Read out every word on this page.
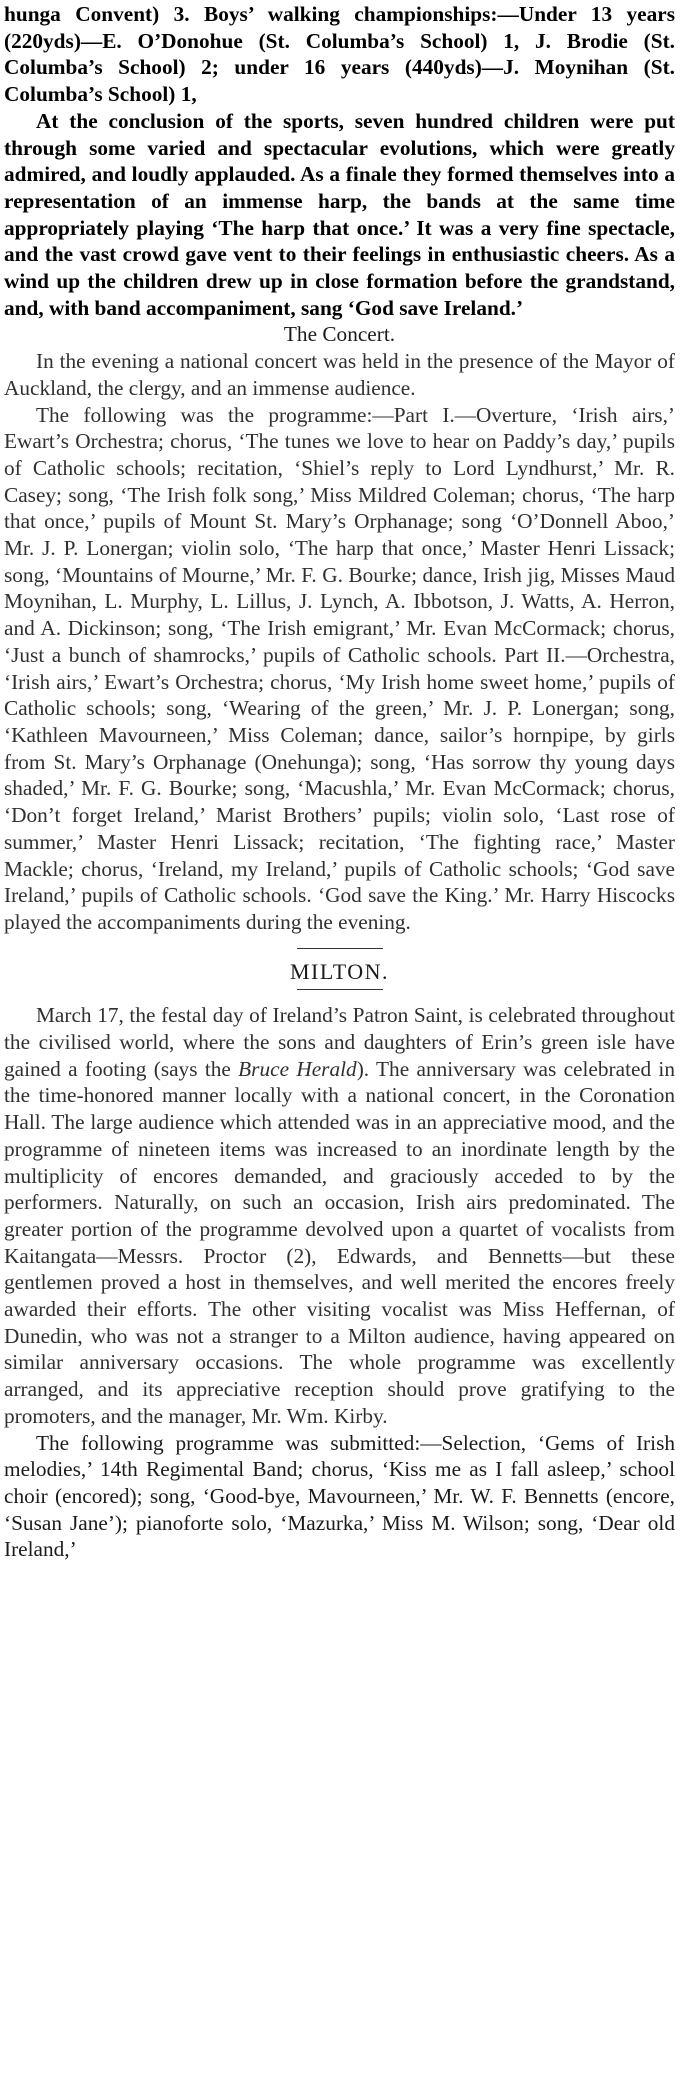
hunga Convent) 3. Boys’ walking championships:—Under 13 years (220yds)—E. O’Donohue (St. Columba’s School) 1, J. Brodie (St. Columba’s School) 2; under 16 years (440yds)—J. Moynihan (St. Columba’s School) 1,

At the conclusion of the sports, seven hundred children were put through some varied and spectacular evolutions, which were greatly admired, and loudly applauded. As a finale they formed themselves into a representation of an immense harp, the bands at the same time appropriately playing ‘The harp that once.’ It was a very fine spectacle, and the vast crowd gave vent to their feelings in enthusiastic cheers. As a wind up the children drew up in close formation before the grandstand, and, with band accompaniment, sang ‘God save Ireland.’

The Concert.

In the evening a national concert was held in the presence of the Mayor of Auckland, the clergy, and an immense audience.

The following was the programme:—Part I.—Overture, ‘Irish airs,’ Ewart’s Orchestra; chorus, ‘The tunes we love to hear on Paddy’s day,’ pupils of Catholic schools; recitation, ‘Shiel’s reply to Lord Lyndhurst,’ Mr. R. Casey; song, ‘The Irish folk song,’ Miss Mildred Coleman; chorus, ‘The harp that once,’ pupils of Mount St. Mary’s Orphanage; song ‘O’Donnell Aboo,’ Mr. J. P. Lonergan; violin solo, ‘The harp that once,’ Master Henri Lissack; song, ‘Mountains of Mourne,’ Mr. F. G. Bourke; dance, Irish jig, Misses Maud Moynihan, L. Murphy, L. Lillus, J. Lynch, A. Ibbotson, J. Watts, A. Herron, and A. Dickinson; song, ‘The Irish emigrant,’ Mr. Evan McCormack; chorus, ‘Just a bunch of shamrocks,’ pupils of Catholic schools. Part II.—Orchestra, ‘Irish airs,’ Ewart’s Orchestra; chorus, ‘My Irish home sweet home,’ pupils of Catholic schools; song, ‘Wearing of the green,’ Mr. J. P. Lonergan; song, ‘Kathleen Mavourneen,’ Miss Coleman; dance, sailor’s hornpipe, by girls from St. Mary’s Orphanage (Onehunga); song, ‘Has sorrow thy young days shaded,’ Mr. F. G. Bourke; song, ‘Macushla,’ Mr. Evan McCormack; chorus, ‘Don’t forget Ireland,’ Marist Brothers’ pupils; violin solo, ‘Last rose of summer,’ Master Henri Lissack; recitation, ‘The fighting race,’ Master Mackle; chorus, ‘Ireland, my Ireland,’ pupils of Catholic schools; ‘God save Ireland,’ pupils of Catholic schools. ‘God save the King.’ Mr. Harry Hiscocks played the accompaniments during the evening.

MILTON.

March 17, the festal day of Ireland’s Patron Saint, is celebrated throughout the civilised world, where the sons and daughters of Erin’s green isle have gained a footing (says the Bruce Herald). The anniversary was celebrated in the time-honored manner locally with a national concert, in the Coronation Hall. The large audience which attended was in an appreciative mood, and the programme of nineteen items was increased to an inordinate length by the multiplicity of encores demanded, and graciously acceded to by the performers. Naturally, on such an occasion, Irish airs predominated. The greater portion of the programme devolved upon a quartet of vocalists from Kaitangata—Messrs. Proctor (2), Edwards, and Bennetts—but these gentlemen proved a host in themselves, and well merited the encores freely awarded their efforts. The other visiting vocalist was Miss Heffernan, of Dunedin, who was not a stranger to a Milton audience, having appeared on similar anniversary occasions. The whole programme was excellently arranged, and its appreciative reception should prove gratifying to the promoters, and the manager, Mr. Wm. Kirby.

The following programme was submitted:—Selection, ‘Gems of Irish melodies,’ 14th Regimental Band; chorus, ‘Kiss me as I fall asleep,’ school choir (encored); song, ‘Good-bye, Mavourneen,’ Mr. W. F. Bennetts (encore, ‘Susan Jane’); pianoforte solo, ‘Mazurka,’ Miss M. Wilson; song, ‘Dear old Ireland,’
